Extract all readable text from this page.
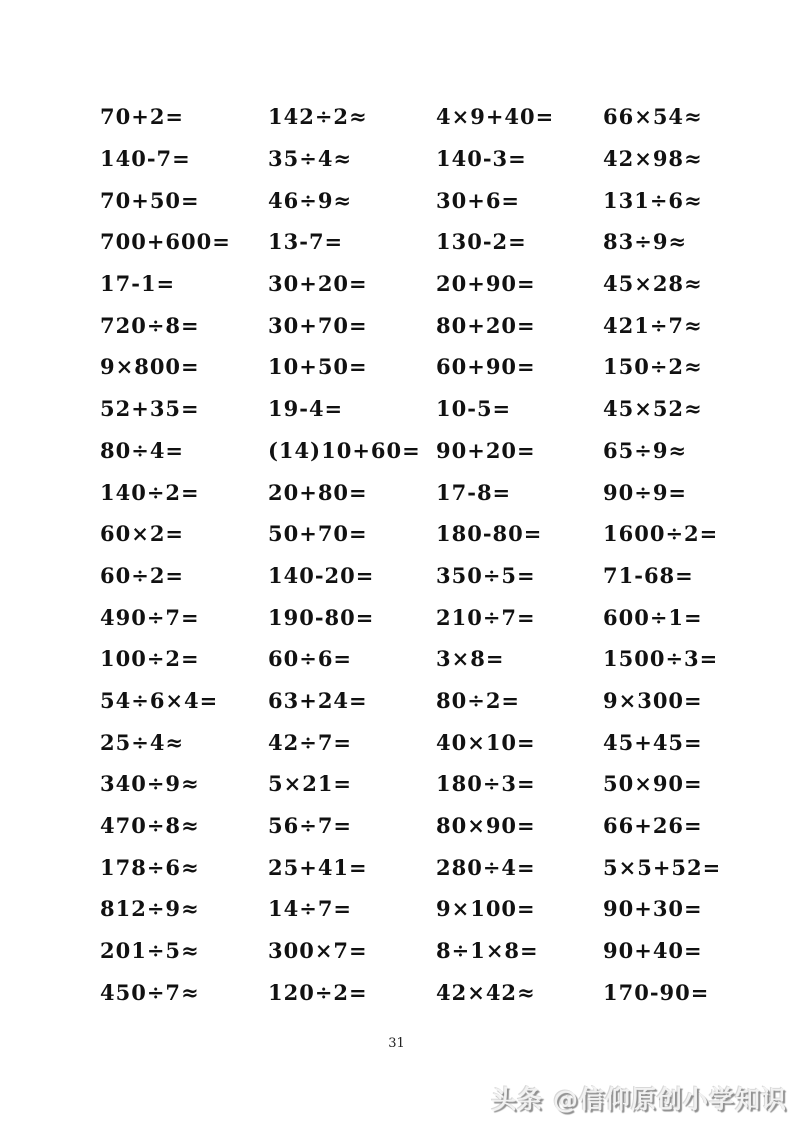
70+2=	142÷2≈	4×9+40=	66×54≈
140-7=	35÷4≈	140-3=	42×98≈
70+50=	46÷9≈	30+6=	131÷6≈
700+600=	13-7=	130-2=	83÷9≈
17-1=	30+20=	20+90=	45×28≈
720÷8=	30+70=	80+20=	421÷7≈
9×800=	10+50=	60+90=	150÷2≈
52+35=	19-4=	10-5=	45×52≈
80÷4=	(14)10+60= 90+20=	65÷9≈
140÷2=	20+80=	17-8=	90÷9=
60×2=	50+70=	180-80=	1600÷2=
60÷2=	140-20=	350÷5=	71-68=
490÷7=	190-80=	210÷7=	600÷1=
100÷2=	60÷6=	3×8=	1500÷3=
54÷6×4=	63+24=	80÷2=	9×300=
25÷4≈	42÷7=	40×10=	45+45=
340÷9≈	5×21=	180÷3=	50×90=
470÷8≈	56÷7=	80×90=	66+26=
178÷6≈	25+41=	280÷4=	5×5+52=
812÷9≈	14÷7=	9×100=	90+30=
201÷5≈	300×7=	8÷1×8=	90+40=
450÷7≈	120÷2=	42×42≈	170-90=
31
头条 @信仰原创小学知识
